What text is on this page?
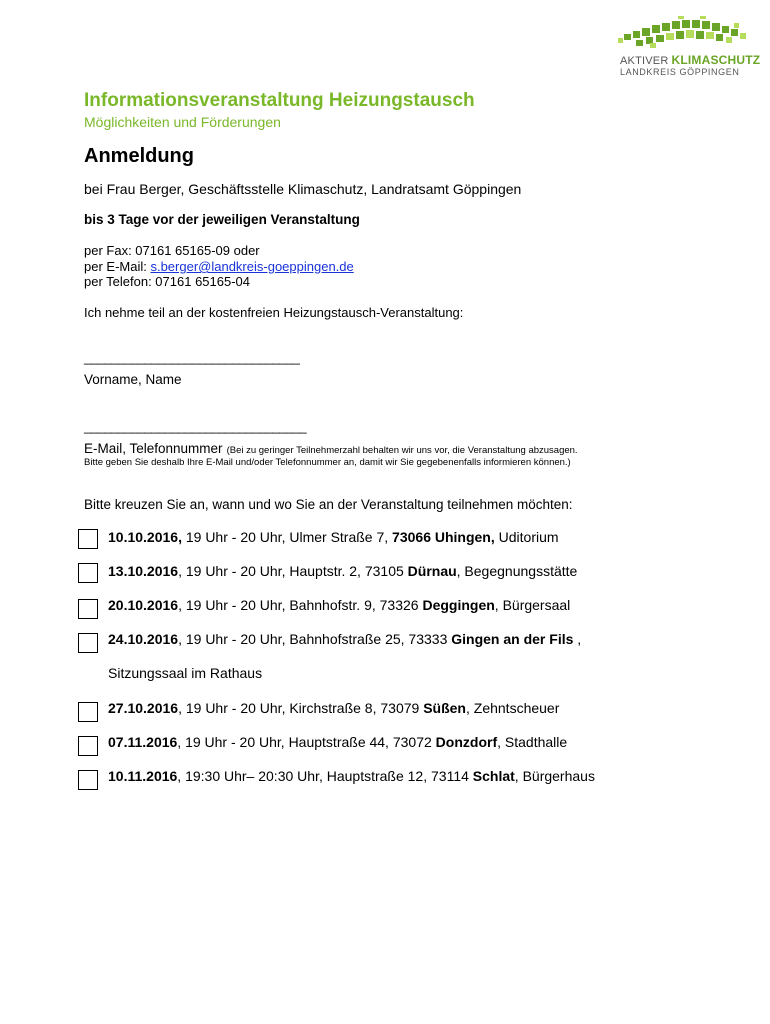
AKTIVER KLIMASCHUTZ
LANDKREIS GÖPPINGEN
Informationsveranstaltung Heizungstausch
Möglichkeiten und Förderungen
Anmeldung
bei Frau Berger, Geschäftsstelle Klimaschutz, Landratsamt Göppingen
bis 3 Tage vor der jeweiligen Veranstaltung
per Fax: 07161 65165-09 oder
per E-Mail: s.berger@landkreis-goeppingen.de
per Telefon: 07161 65165-04
Ich nehme teil an der kostenfreien Heizungstausch-Veranstaltung:
________________________________
Vorname, Name
_________________________________
E-Mail, Telefonnummer (Bei zu geringer Teilnehmerzahl behalten wir uns vor, die Veranstaltung abzusagen.
Bitte geben Sie deshalb Ihre E-Mail und/oder Telefonnummer an, damit wir Sie gegebenenfalls informieren können.)
Bitte kreuzen Sie an, wann und wo Sie an der Veranstaltung teilnehmen möchten:
10.10.2016, 19 Uhr - 20 Uhr, Ulmer Straße 7, 73066 Uhingen, Uditorium
13.10.2016, 19 Uhr - 20 Uhr, Hauptstr. 2, 73105 Dürnau, Begegnungsstätte
20.10.2016, 19 Uhr - 20 Uhr, Bahnhofstr. 9, 73326 Deggingen, Bürgersaal
24.10.2016, 19 Uhr - 20 Uhr, Bahnhofstraße 25, 73333 Gingen an der Fils ,
Sitzungssaal im Rathaus
27.10.2016, 19 Uhr - 20 Uhr, Kirchstraße 8, 73079 Süßen, Zehntscheuer
07.11.2016, 19 Uhr - 20 Uhr, Hauptstraße 44, 73072 Donzdorf, Stadthalle
10.11.2016, 19:30 Uhr– 20:30 Uhr, Hauptstraße 12, 73114 Schlat, Bürgerhaus
